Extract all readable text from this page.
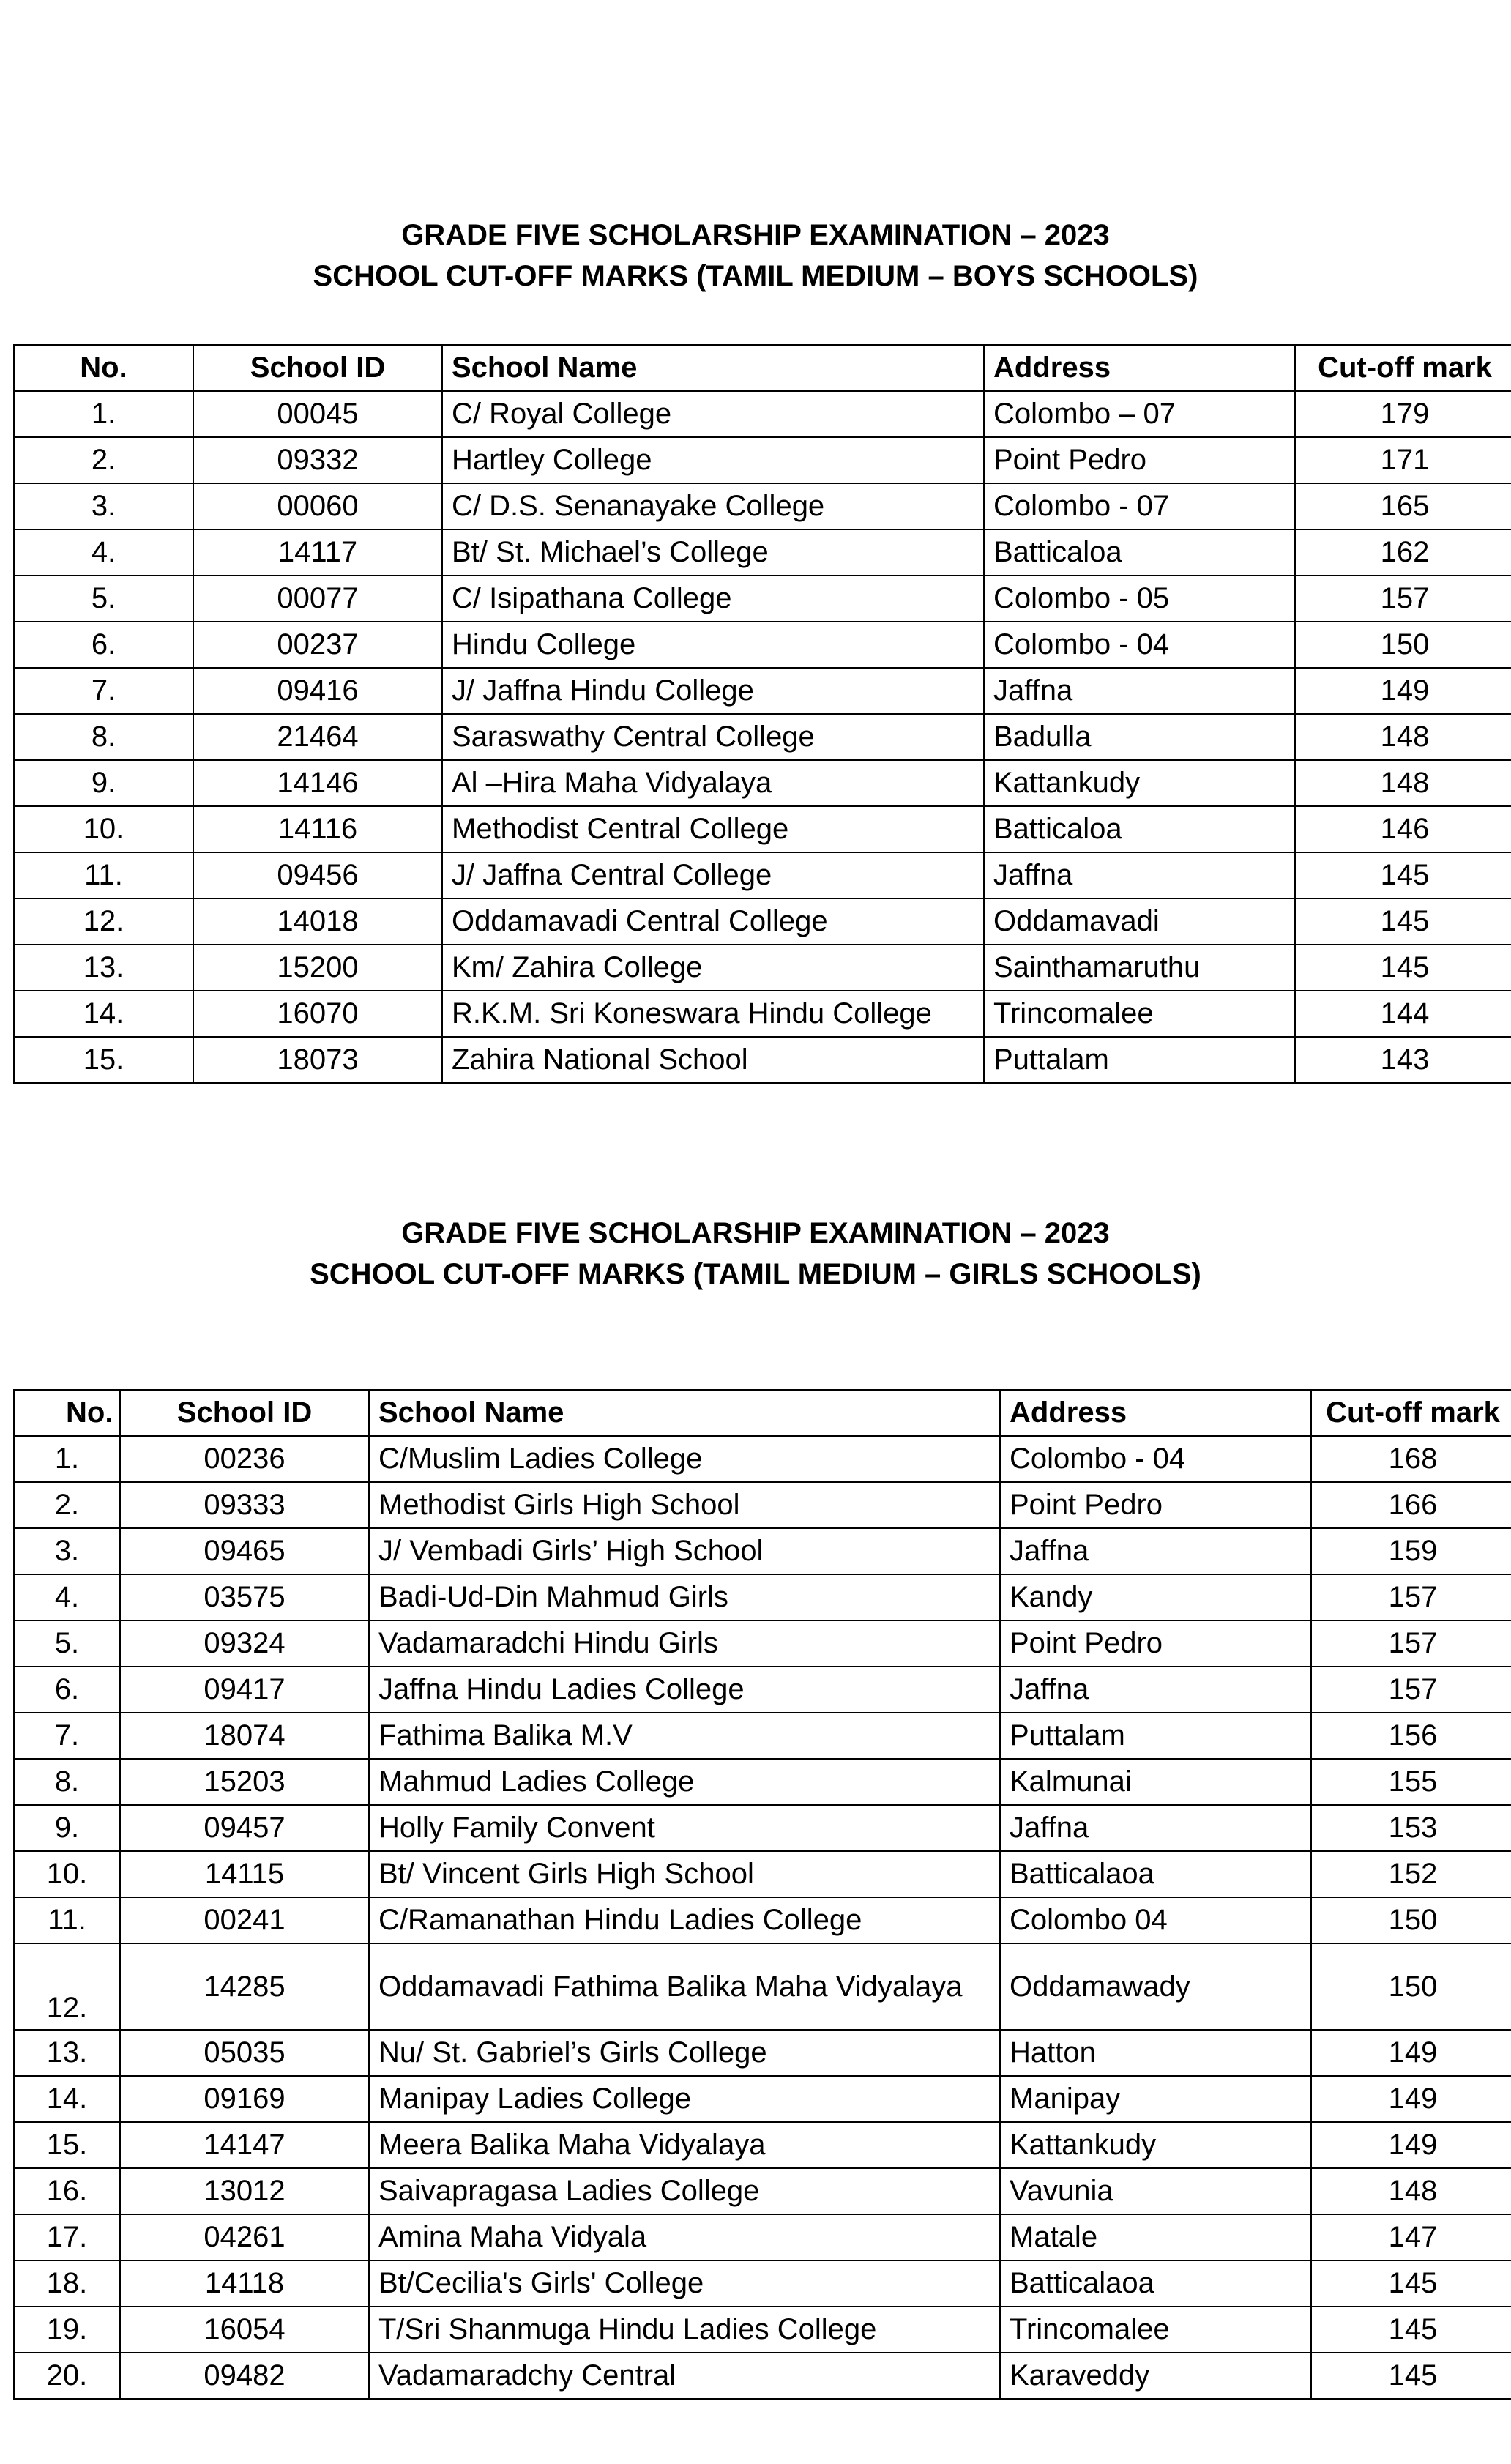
GRADE FIVE SCHOLARSHIP EXAMINATION – 2023
SCHOOL CUT-OFF MARKS (TAMIL MEDIUM – BOYS SCHOOLS)
No.	School ID	School Name	Address	Cut-off mark
1.	00045	C/ Royal College	Colombo – 07	179
2.	09332	Hartley College	Point Pedro	171
3.	00060	C/ D.S. Senanayake College	Colombo - 07	165
4.	14117	Bt/ St. Michael’s College	Batticaloa	162
5.	00077	C/ Isipathana College	Colombo - 05	157
6.	00237	Hindu College	Colombo - 04	150
7.	09416	J/ Jaffna Hindu College	Jaffna	149
8.	21464	Saraswathy Central College	Badulla	148
9.	14146	Al –Hira Maha Vidyalaya	Kattankudy	148
10.	14116	Methodist Central College	Batticaloa	146
11.	09456	J/ Jaffna Central College	Jaffna	145
12.	14018	Oddamavadi Central College	Oddamavadi	145
13.	15200	Km/ Zahira College	Sainthamaruthu	145
14.	16070	R.K.M. Sri Koneswara Hindu College	Trincomalee	144
15.	18073	Zahira National School	Puttalam	143
GRADE FIVE SCHOLARSHIP EXAMINATION – 2023
SCHOOL CUT-OFF MARKS (TAMIL MEDIUM – GIRLS SCHOOLS)
No.	School ID	School Name	Address	Cut-off mark
1.	00236	C/Muslim Ladies College	Colombo - 04	168
2.	09333	Methodist Girls High School	Point Pedro	166
3.	09465	J/ Vembadi Girls’ High School	Jaffna	159
4.	03575	Badi-Ud-Din Mahmud Girls	Kandy	157
5.	09324	Vadamaradchi Hindu Girls	Point Pedro	157
6.	09417	Jaffna Hindu Ladies College	Jaffna	157
7.	18074	Fathima Balika M.V	Puttalam	156
8.	15203	Mahmud Ladies College	Kalmunai	155
9.	09457	Holly Family Convent	Jaffna	153
10.	14115	Bt/ Vincent Girls High School	Batticalaoa	152
11.	00241	C/Ramanathan Hindu Ladies College	Colombo 04	150
12.	14285	Oddamavadi Fathima Balika Maha Vidyalaya	Oddamawady	150
13.	05035	Nu/ St. Gabriel’s Girls College	Hatton	149
14.	09169	Manipay Ladies College	Manipay	149
15.	14147	Meera Balika Maha Vidyalaya	Kattankudy	149
16.	13012	Saivapragasa Ladies College	Vavunia	148
17.	04261	Amina Maha Vidyala	Matale	147
18.	14118	Bt/Cecilia's Girls' College	Batticalaoa	145
19.	16054	T/Sri Shanmuga Hindu Ladies College	Trincomalee	145
20.	09482	Vadamaradchy Central	Karaveddy	145
